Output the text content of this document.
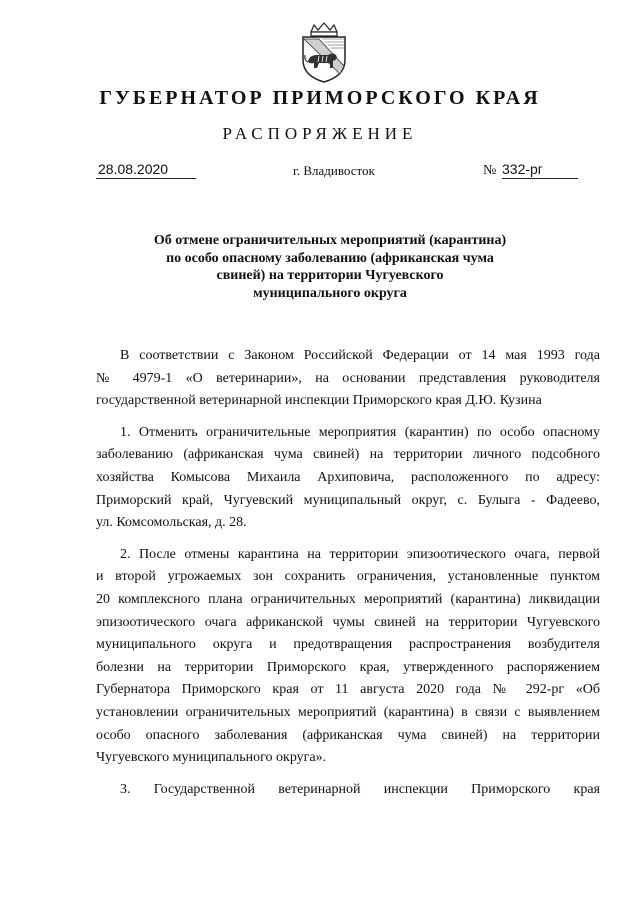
ГУБЕРНАТОР ПРИМОРСКОГО КРАЯ
РАСПОРЯЖЕНИЕ
28.08.2020	г. Владивосток	№ 332-рг
Об отмене ограничительных мероприятий (карантина)
по особо опасному заболеванию (африканская чума
свиней) на территории Чугуевского
муниципального округа
В соответствии с Законом Российской Федерации от 14 мая 1993 года
№ 4979-1 «О ветеринарии», на основании представления руководителя
государственной ветеринарной инспекции Приморского края Д.Ю. Кузина
1. Отменить ограничительные мероприятия (карантин) по особо опасному
заболеванию (африканская чума свиней) на территории личного подсобного
хозяйства Комысова Михаила Архиповича, расположенного по адресу:
Приморский край, Чугуевский муниципальный округ, с. Булыга - Фадеево,
ул. Комсомольская, д. 28.
2. После отмены карантина на территории эпизоотического очага, первой
и второй угрожаемых зон сохранить ограничения, установленные пунктом
20 комплексного плана ограничительных мероприятий (карантина) ликвидации
эпизоотического очага африканской чумы свиней на территории Чугуевского
муниципального округа и предотвращения распространения возбудителя
болезни на территории Приморского края, утвержденного распоряжением
Губернатора Приморского края от 11 августа 2020 года № 292-рг «Об
установлении ограничительных мероприятий (карантина) в связи с выявлением
особо опасного заболевания (африканская чума свиней) на территории
Чугуевского муниципального округа».
3. Государственной ветеринарной инспекции Приморского края
